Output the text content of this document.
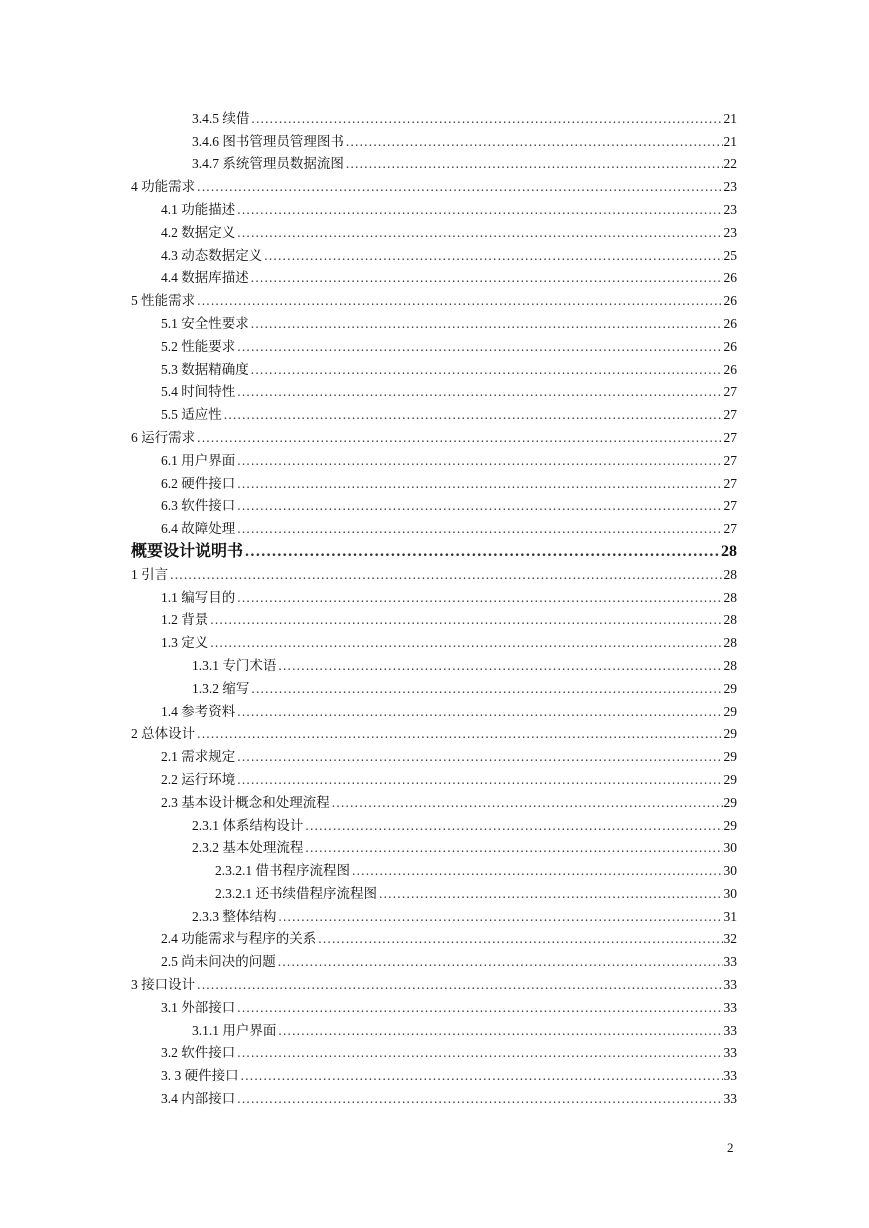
3.4.5 续借 .....	21
3.4.6 图书管理员管理图书 .....	21
3.4.7 系统管理员数据流图 .....	22
4 功能需求 .....	23
4.1 功能描述 .....	23
4.2 数据定义 .....	23
4.3 动态数据定义 .....	25
4.4 数据库描述 .....	26
5 性能需求 .....	26
5.1 安全性要求 .....	26
5.2 性能要求 .....	26
5.3 数据精确度 .....	26
5.4 时间特性 .....	27
5.5 适应性 .....	27
6 运行需求 .....	27
6.1 用户界面 .....	27
6.2 硬件接口 .....	27
6.3 软件接口 .....	27
6.4 故障处理 .....	27
概要设计说明书 .....	28
1 引言 .....	28
1.1 编写目的 .....	28
1.2 背景 .....	28
1.3 定义 .....	28
1.3.1 专门术语 .....	28
1.3.2 缩写 .....	29
1.4 参考资料 .....	29
2 总体设计 .....	29
2.1 需求规定 .....	29
2.2 运行环境 .....	29
2.3 基本设计概念和处理流程 .....	29
2.3.1 体系结构设计 .....	29
2.3.2 基本处理流程 .....	30
2.3.2.1 借书程序流程图 .....	30
2.3.2.1 还书续借程序流程图 .....	30
2.3.3 整体结构 .....	31
2.4 功能需求与程序的关系 .....	32
2.5 尚未问决的问题 .....	33
3 接口设计 .....	33
3.1 外部接口 .....	33
3.1.1 用户界面 .....	33
3.2 软件接口 .....	33
3. 3 硬件接口 .....	33
3.4 内部接口 .....	33
2
